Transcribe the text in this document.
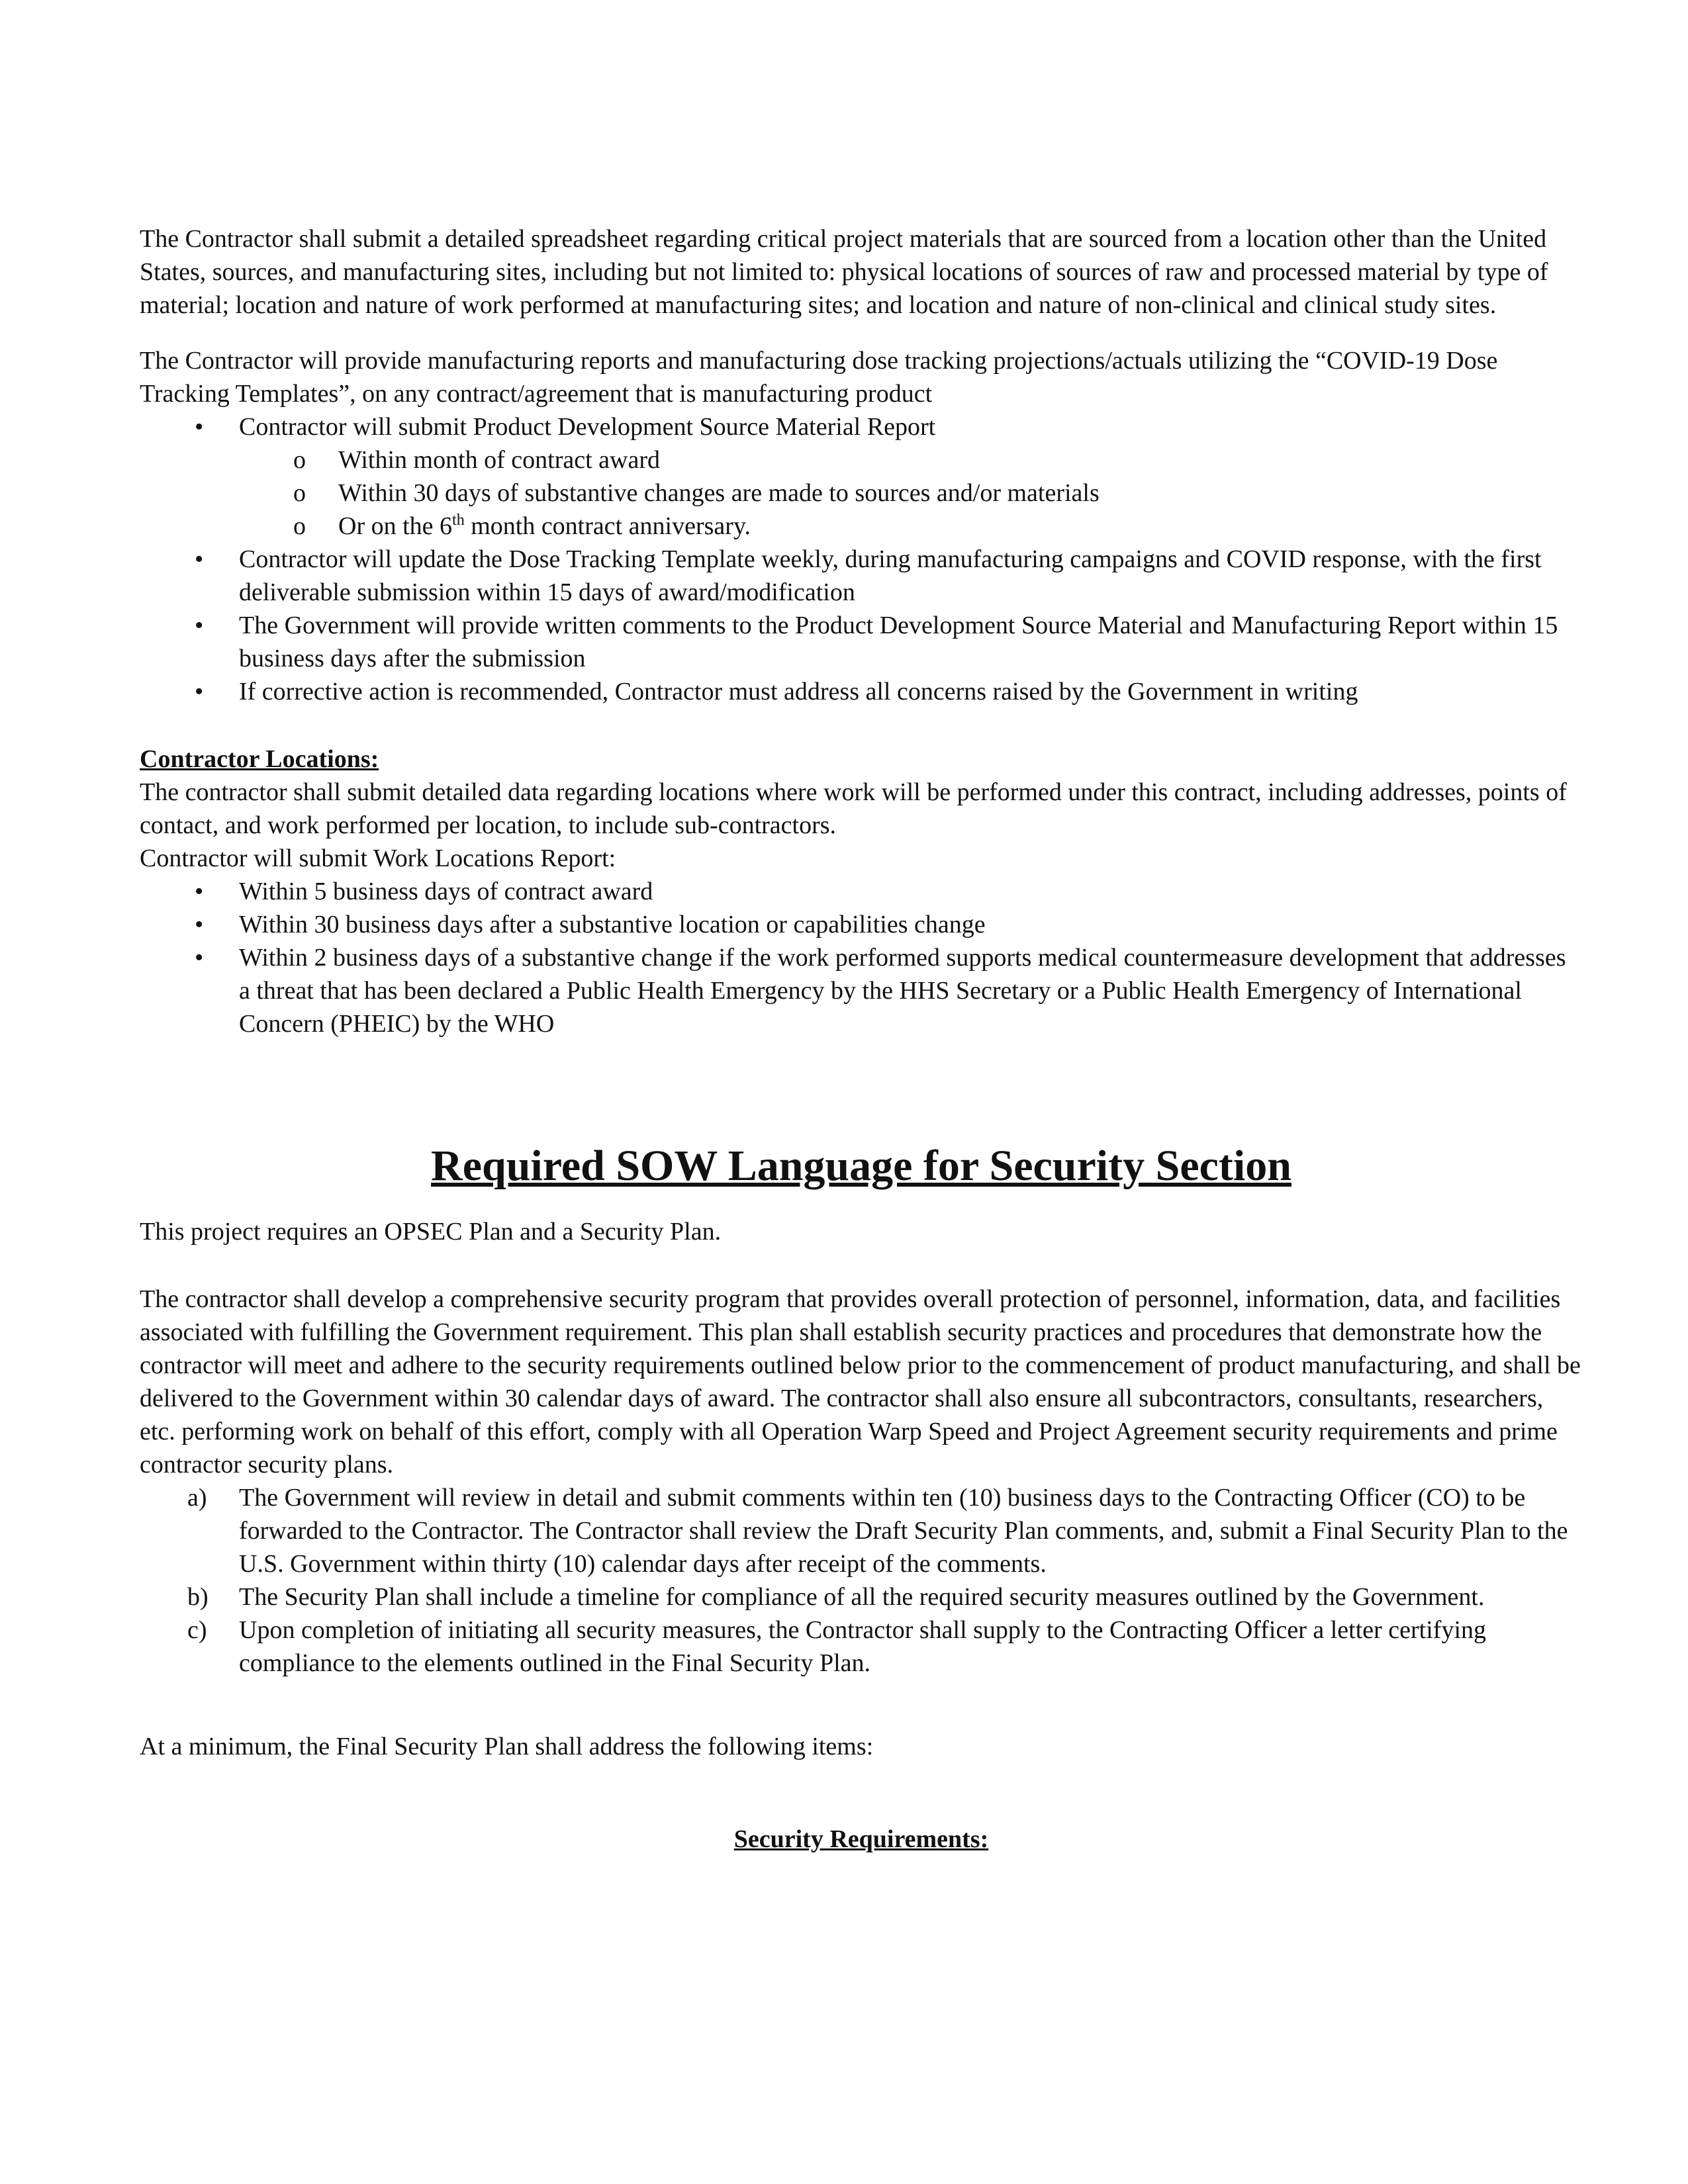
The Contractor shall submit a detailed spreadsheet regarding critical project materials that are sourced from a location other than the United States, sources, and manufacturing sites, including but not limited to: physical locations of sources of raw and processed material by type of material; location and nature of work performed at manufacturing sites; and location and nature of non-clinical and clinical study sites.

The Contractor will provide manufacturing reports and manufacturing dose tracking projections/actuals utilizing the “COVID-19 Dose Tracking Templates”, on any contract/agreement that is manufacturing product

• Contractor will submit Product Development Source Material Report
o Within month of contract award
o Within 30 days of substantive changes are made to sources and/or materials
o Or on the 6th month contract anniversary.
• Contractor will update the Dose Tracking Template weekly, during manufacturing campaigns and COVID response, with the first deliverable submission within 15 days of award/modification
• The Government will provide written comments to the Product Development Source Material and Manufacturing Report within 15 business days after the submission
• If corrective action is recommended, Contractor must address all concerns raised by the Government in writing

Contractor Locations:

The contractor shall submit detailed data regarding locations where work will be performed under this contract, including addresses, points of contact, and work performed per location, to include sub-contractors.

Contractor will submit Work Locations Report:

• Within 5 business days of contract award
• Within 30 business days after a substantive location or capabilities change
• Within 2 business days of a substantive change if the work performed supports medical countermeasure development that addresses a threat that has been declared a Public Health Emergency by the HHS Secretary or a Public Health Emergency of International Concern (PHEIC) by the WHO

Required SOW Language for Security Section

This project requires an OPSEC Plan and a Security Plan.

The contractor shall develop a comprehensive security program that provides overall protection of personnel, information, data, and facilities associated with fulfilling the Government requirement. This plan shall establish security practices and procedures that demonstrate how the contractor will meet and adhere to the security requirements outlined below prior to the commencement of product manufacturing, and shall be delivered to the Government within 30 calendar days of award. The contractor shall also ensure all subcontractors, consultants, researchers, etc. performing work on behalf of this effort, comply with all Operation Warp Speed and Project Agreement security requirements and prime contractor security plans.

a) The Government will review in detail and submit comments within ten (10) business days to the Contracting Officer (CO) to be forwarded to the Contractor. The Contractor shall review the Draft Security Plan comments, and, submit a Final Security Plan to the U.S. Government within thirty (10) calendar days after receipt of the comments.
b) The Security Plan shall include a timeline for compliance of all the required security measures outlined by the Government.
c) Upon completion of initiating all security measures, the Contractor shall supply to the Contracting Officer a letter certifying compliance to the elements outlined in the Final Security Plan.

At a minimum, the Final Security Plan shall address the following items:

Security Requirements:
